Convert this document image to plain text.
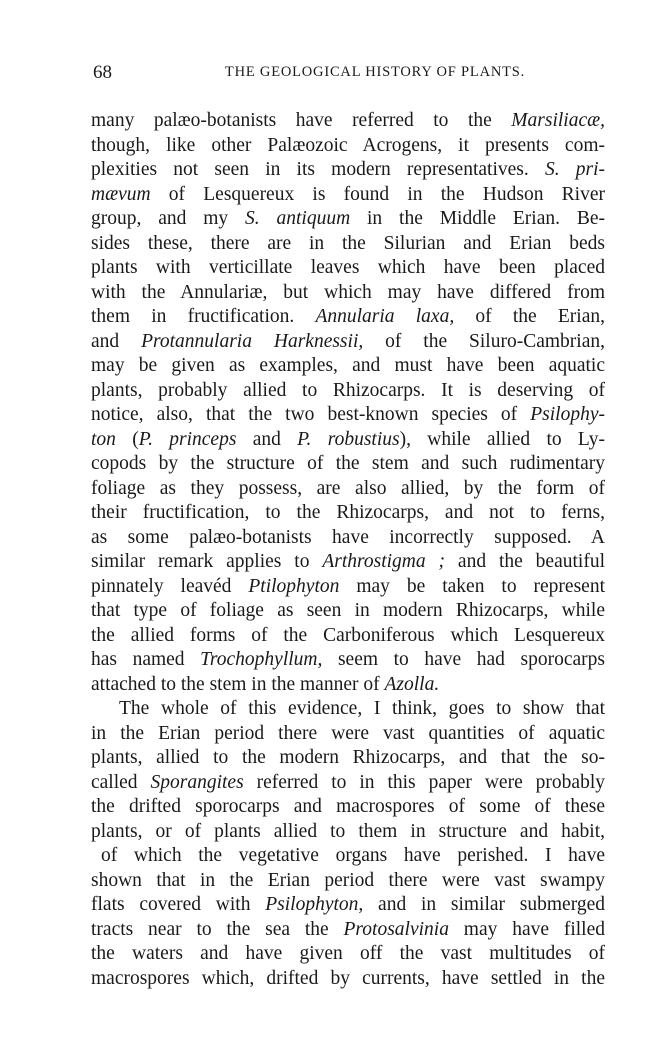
68	THE GEOLOGICAL HISTORY OF PLANTS.
many palæo-botanists have referred to the Marsiliacæ,
though, like other Palæozoic Acrogens, it presents com-
plexities not seen in its modern representatives. S. pri-
mævum of Lesquereux is found in the Hudson River
group, and my S. antiquum in the Middle Erian. Be-
sides these, there are in the Silurian and Erian beds
plants with verticillate leaves which have been placed
with the Annulariæ, but which may have differed from
them in fructification. Annularia laxa, of the Erian,
and Protannularia Harknessii, of the Siluro-Cambrian,
may be given as examples, and must have been aquatic
plants, probably allied to Rhizocarps. It is deserving of
notice, also, that the two best-known species of Psilophy-
ton (P. princeps and P. robustius), while allied to Ly-
copods by the structure of the stem and such rudimentary
foliage as they possess, are also allied, by the form of
their fructification, to the Rhizocarps, and not to ferns,
as some palæo-botanists have incorrectly supposed. A
similar remark applies to Arthrostigma ; and the beautiful
pinnately leavéd Ptilophyton may be taken to represent
that type of foliage as seen in modern Rhizocarps, while
the allied forms of the Carboniferous which Lesquereux
has named Trochophyllum, seem to have had sporocarps
attached to the stem in the manner of Azolla.
The whole of this evidence, I think, goes to show that
in the Erian period there were vast quantities of aquatic
plants, allied to the modern Rhizocarps, and that the so-
called Sporangites referred to in this paper were probably
the drifted sporocarps and macrospores of some of these
plants, or of plants allied to them in structure and habit,
of which the vegetative organs have perished. I have
shown that in the Erian period there were vast swampy
flats covered with Psilophyton, and in similar submerged
tracts near to the sea the Protosalvinia may have filled
the waters and have given off the vast multitudes of
macrospores which, drifted by currents, have settled in the
